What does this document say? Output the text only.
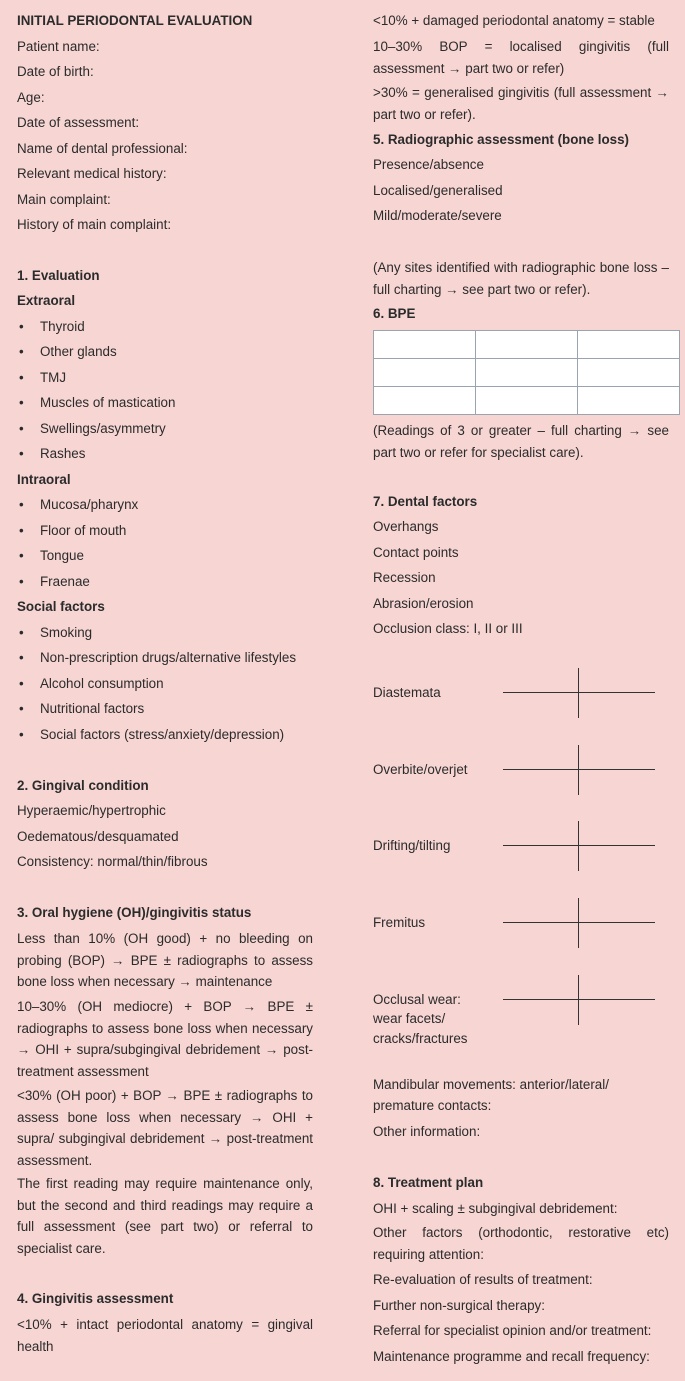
INITIAL PERIODONTAL EVALUATION
Patient name:
Date of birth:
Age:
Date of assessment:
Name of dental professional:
Relevant medical history:
Main complaint:
History of main complaint:
1. Evaluation
Extraoral
• Thyroid
• Other glands
• TMJ
• Muscles of mastication
• Swellings/asymmetry
• Rashes
Intraoral
• Mucosa/pharynx
• Floor of mouth
• Tongue
• Fraenae
Social factors
• Smoking
• Non-prescription drugs/alternative lifestyles
• Alcohol consumption
• Nutritional factors
• Social factors (stress/anxiety/depression)
2. Gingival condition
Hyperaemic/hypertrophic
Oedematous/desquamated
Consistency: normal/thin/fibrous
3. Oral hygiene (OH)/gingivitis status
Less than 10% (OH good) + no bleeding on probing (BOP) → BPE ± radiographs to assess bone loss when necessary → maintenance
10–30% (OH mediocre) + BOP → BPE ± radiographs to assess bone loss when necessary → OHI + supra/subgingival debridement → post-treatment assessment
<30% (OH poor) + BOP → BPE ± radiographs to assess bone loss when necessary → OHI + supra/ subgingival debridement → post-treatment assessment.
The first reading may require maintenance only, but the second and third readings may require a full assessment (see part two) or referral to specialist care.
4. Gingivitis assessment
<10% + intact periodontal anatomy = gingival health
<10% + damaged periodontal anatomy = stable
10–30% BOP = localised gingivitis (full assessment → part two or refer)
>30% = generalised gingivitis (full assessment → part two or refer).
5. Radiographic assessment (bone loss)
Presence/absence
Localised/generalised
Mild/moderate/severe
(Any sites identified with radiographic bone loss – full charting → see part two or refer).
6. BPE
(Readings of 3 or greater – full charting → see part two or refer for specialist care).
7. Dental factors
Overhangs
Contact points
Recession
Abrasion/erosion
Occlusion class: I, II or III
Diastemata
Overbite/overjet
Drifting/tilting
Fremitus
Occlusal wear:
wear facets/
cracks/fractures
Mandibular movements: anterior/lateral/
premature contacts:
Other information:
8. Treatment plan
OHI + scaling ± subgingival debridement:
Other factors (orthodontic, restorative etc) requiring attention:
Re-evaluation of results of treatment:
Further non-surgical therapy:
Referral for specialist opinion and/or treatment:
Maintenance programme and recall frequency:
